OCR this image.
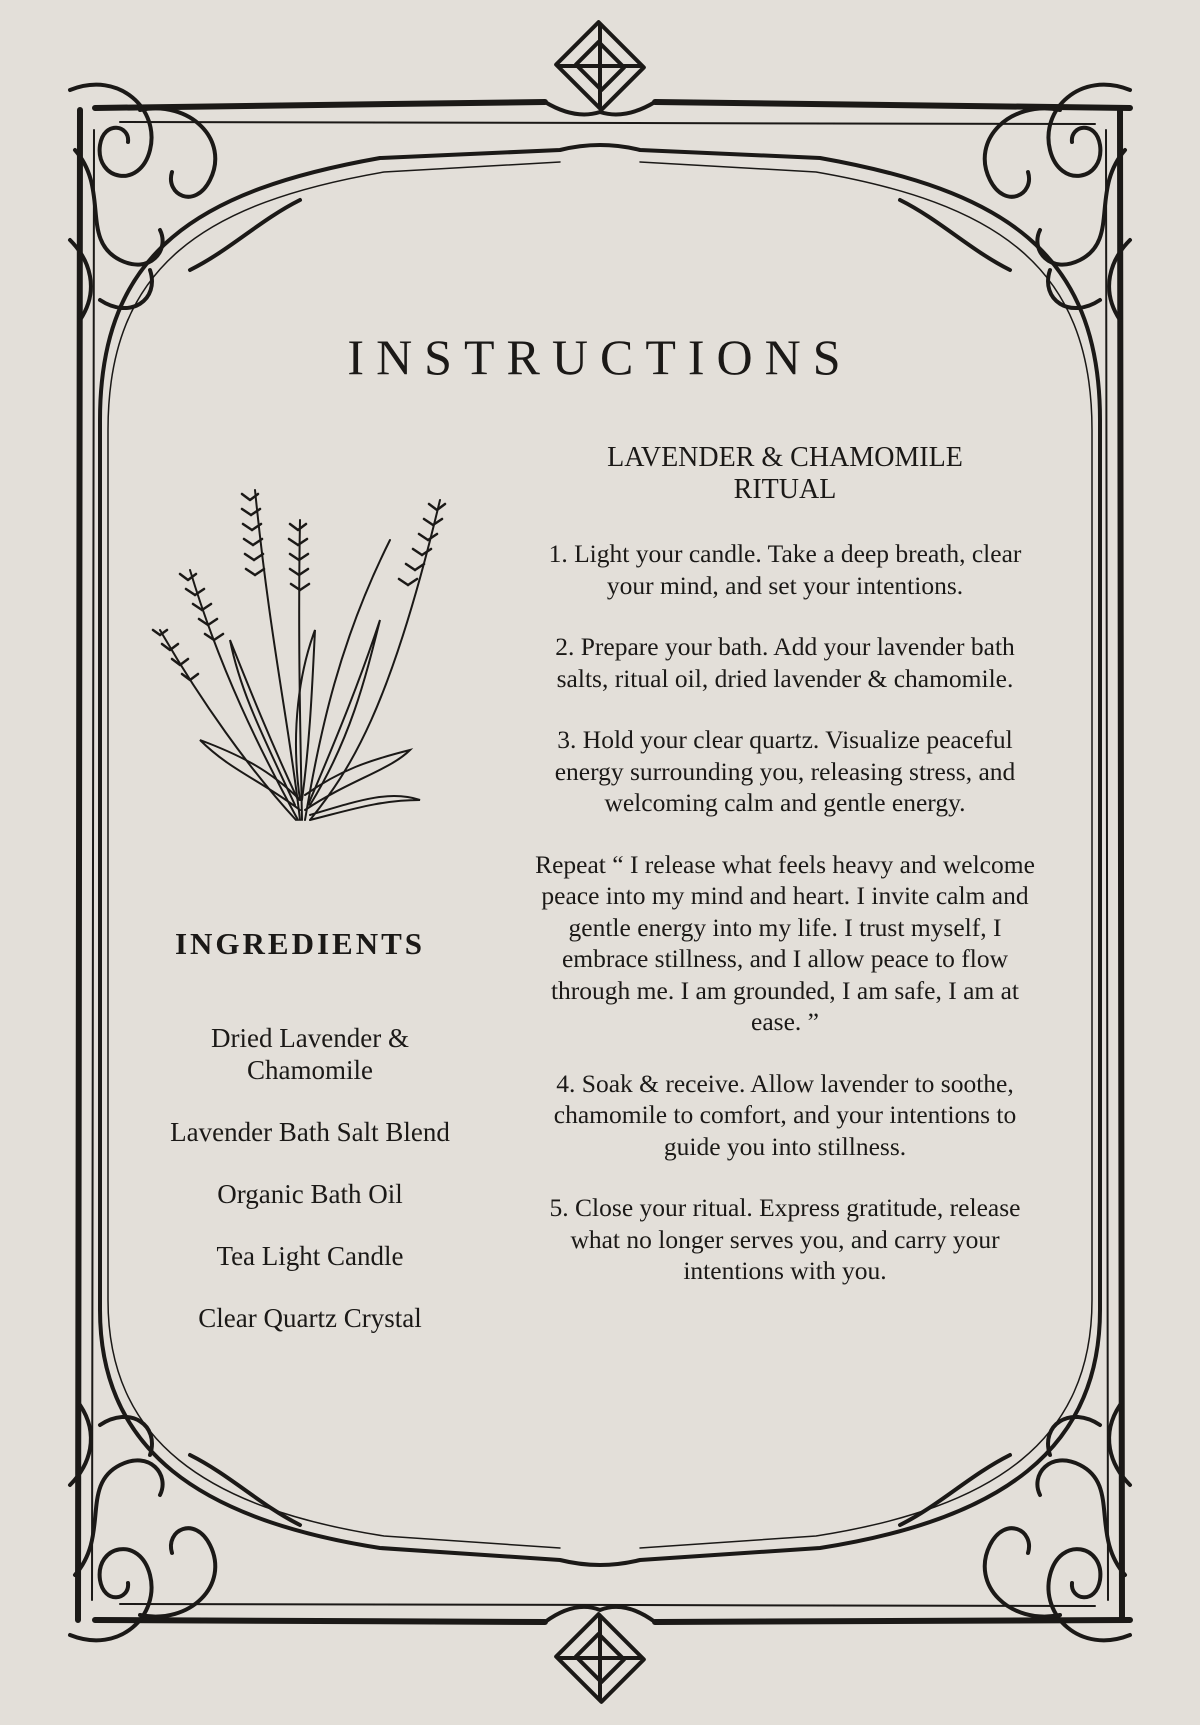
INSTRUCTIONS
INGREDIENTS
Dried Lavender & Chamomile
Lavender Bath Salt Blend
Organic Bath Oil
Tea Light Candle
Clear Quartz Crystal
LAVENDER & CHAMOMILE RITUAL

1. Light your candle. Take a deep breath, clear your mind, and set your intentions.

2. Prepare your bath. Add your lavender bath salts, ritual oil, dried lavender & chamomile.

3. Hold your clear quartz. Visualize peaceful energy surrounding you, releasing stress, and welcoming calm and gentle energy.

Repeat “ I release what feels heavy and welcome peace into my mind and heart. I invite calm and gentle energy into my life. I trust myself, I embrace stillness, and I allow peace to flow through me. I am grounded, I am safe, I am at ease. ”

4. Soak & receive. Allow lavender to soothe, chamomile to comfort, and your intentions to guide you into stillness.

5. Close your ritual. Express gratitude, release what no longer serves you, and carry your intentions with you.
